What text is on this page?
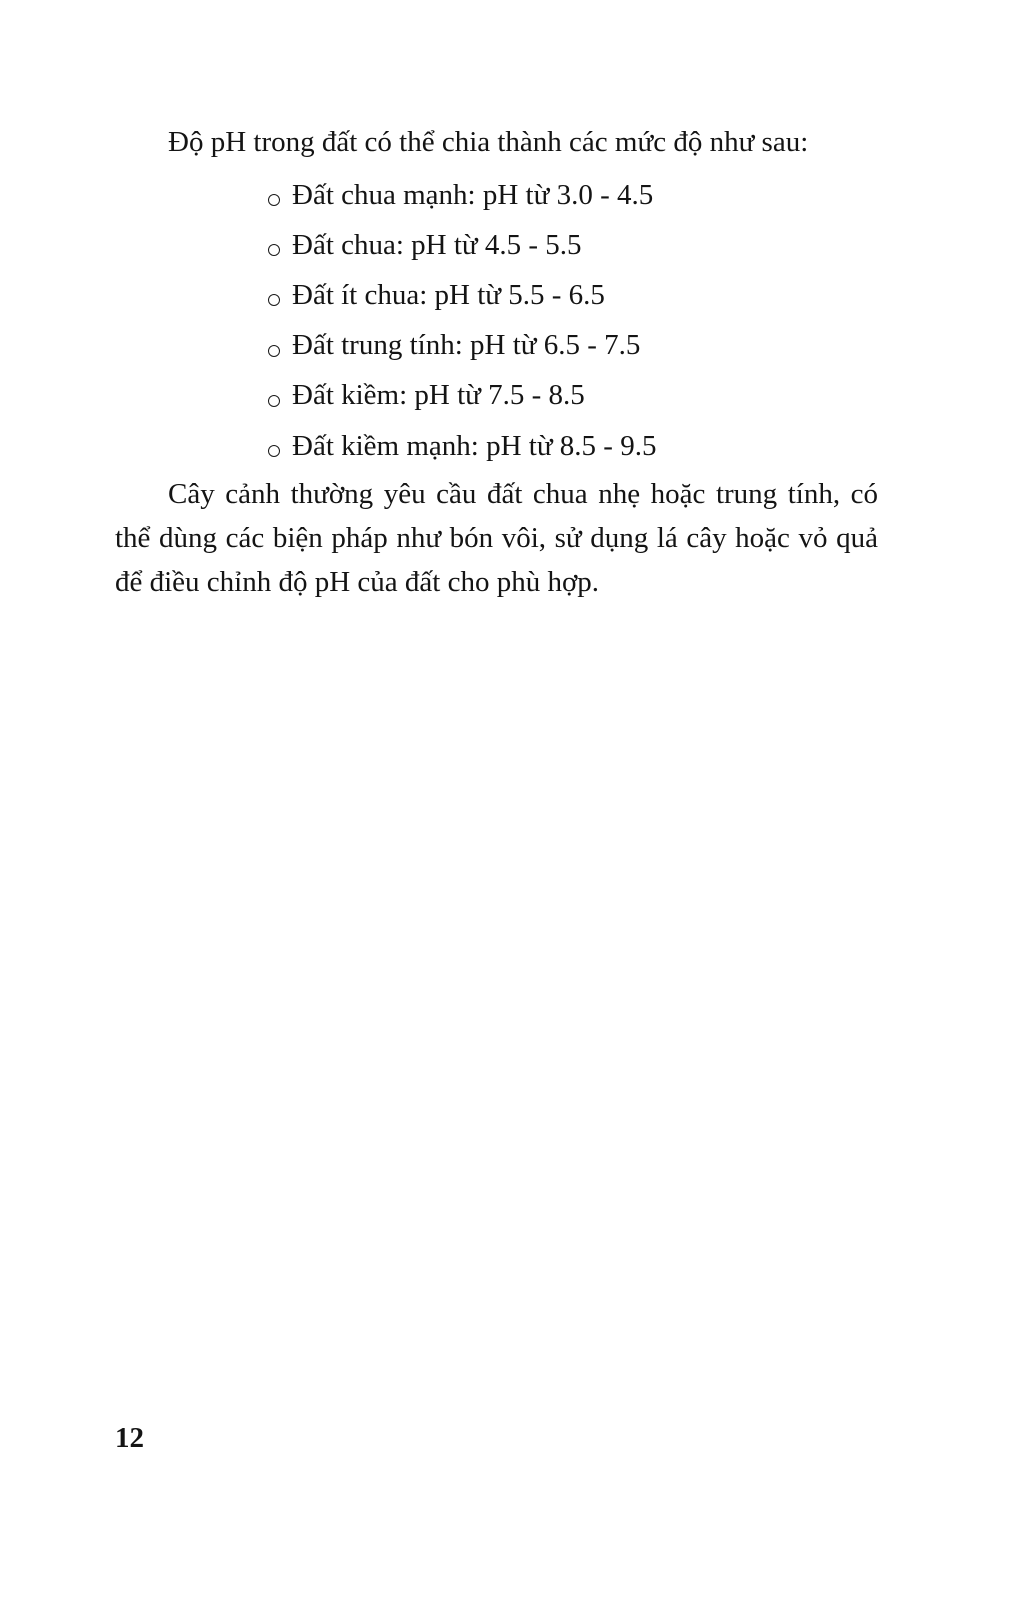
Độ pH trong đất có thể chia thành các mức độ như sau:

Đất chua mạnh: pH từ 3.0 - 4.5
Đất chua: pH từ 4.5 - 5.5
Đất ít chua: pH từ 5.5 - 6.5
Đất trung tính: pH từ 6.5 - 7.5
Đất kiềm: pH từ 7.5 - 8.5
Đất kiềm mạnh: pH từ 8.5 - 9.5

Cây cảnh thường yêu cầu đất chua nhẹ hoặc trung tính, có thể dùng các biện pháp như bón vôi, sử dụng lá cây hoặc vỏ quả để điều chỉnh độ pH của đất cho phù hợp.

12
